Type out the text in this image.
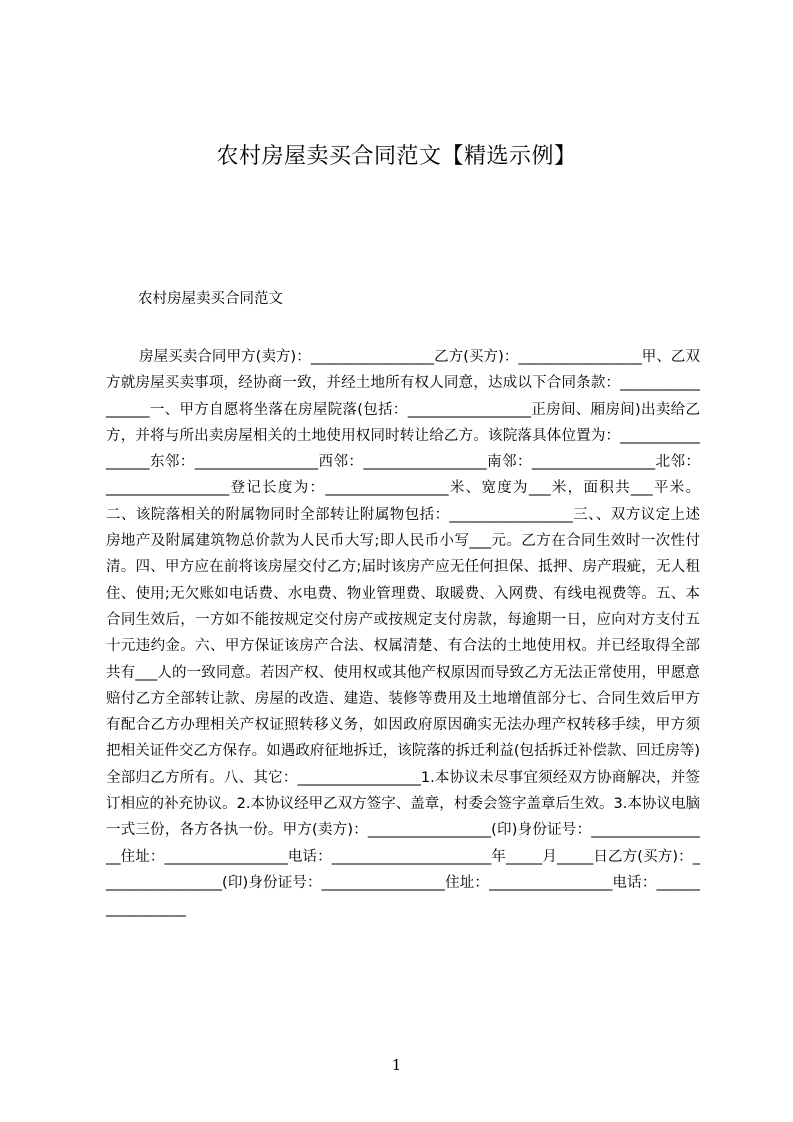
农村房屋卖买合同范文【精选示例】

农村房屋卖买合同范文

房屋买卖合同甲方(卖方)：_________________乙方(买方)：_________________甲、乙双方就房屋买卖事项，经协商一致，并经土地所有权人同意，达成以下合同条款：_________________一、甲方自愿将坐落在房屋院落(包括：_________________正房间、厢房间)出卖给乙方，并将与所出卖房屋相关的土地使用权同时转让给乙方。该院落具体位置为：_________________东邻：_________________西邻：_________________南邻：_________________北邻：_________________登记长度为：_________________米、宽度为___米，面积共___平米。二、该院落相关的附属物同时全部转让附属物包括：_________________三、、双方议定上述房地产及附属建筑物总价款为人民币大写;即人民币小写___元。乙方在合同生效时一次性付清。四、甲方应在前将该房屋交付乙方;届时该房产应无任何担保、抵押、房产瑕疵，无人租住、使用;无欠账如电话费、水电费、物业管理费、取暖费、入网费、有线电视费等。五、本合同生效后，一方如不能按规定交付房产或按规定支付房款，每逾期一日，应向对方支付五十元违约金。六、甲方保证该房产合法、权属清楚、有合法的土地使用权。并已经取得全部共有___人的一致同意。若因产权、使用权或其他产权原因而导致乙方无法正常使用，甲愿意赔付乙方全部转让款、房屋的改造、建造、装修等费用及土地增值部分七、合同生效后甲方有配合乙方办理相关产权证照转移义务，如因政府原因确实无法办理产权转移手续，甲方须把相关证件交乙方保存。如遇政府征地拆迁，该院落的拆迁利益(包括拆迁补偿款、回迁房等)全部归乙方所有。八、其它：_________________1.本协议未尽事宜须经双方协商解决，并签订相应的补充协议。2.本协议经甲乙双方签字、盖章，村委会签字盖章后生效。3.本协议电脑一式三份，各方各执一份。甲方(卖方)：_________________(印)身份证号：_________________住址：_________________电话：______________________年_____月_____日乙方(买方)：_________________(印)身份证号：_________________住址：_________________电话：_________________

1
